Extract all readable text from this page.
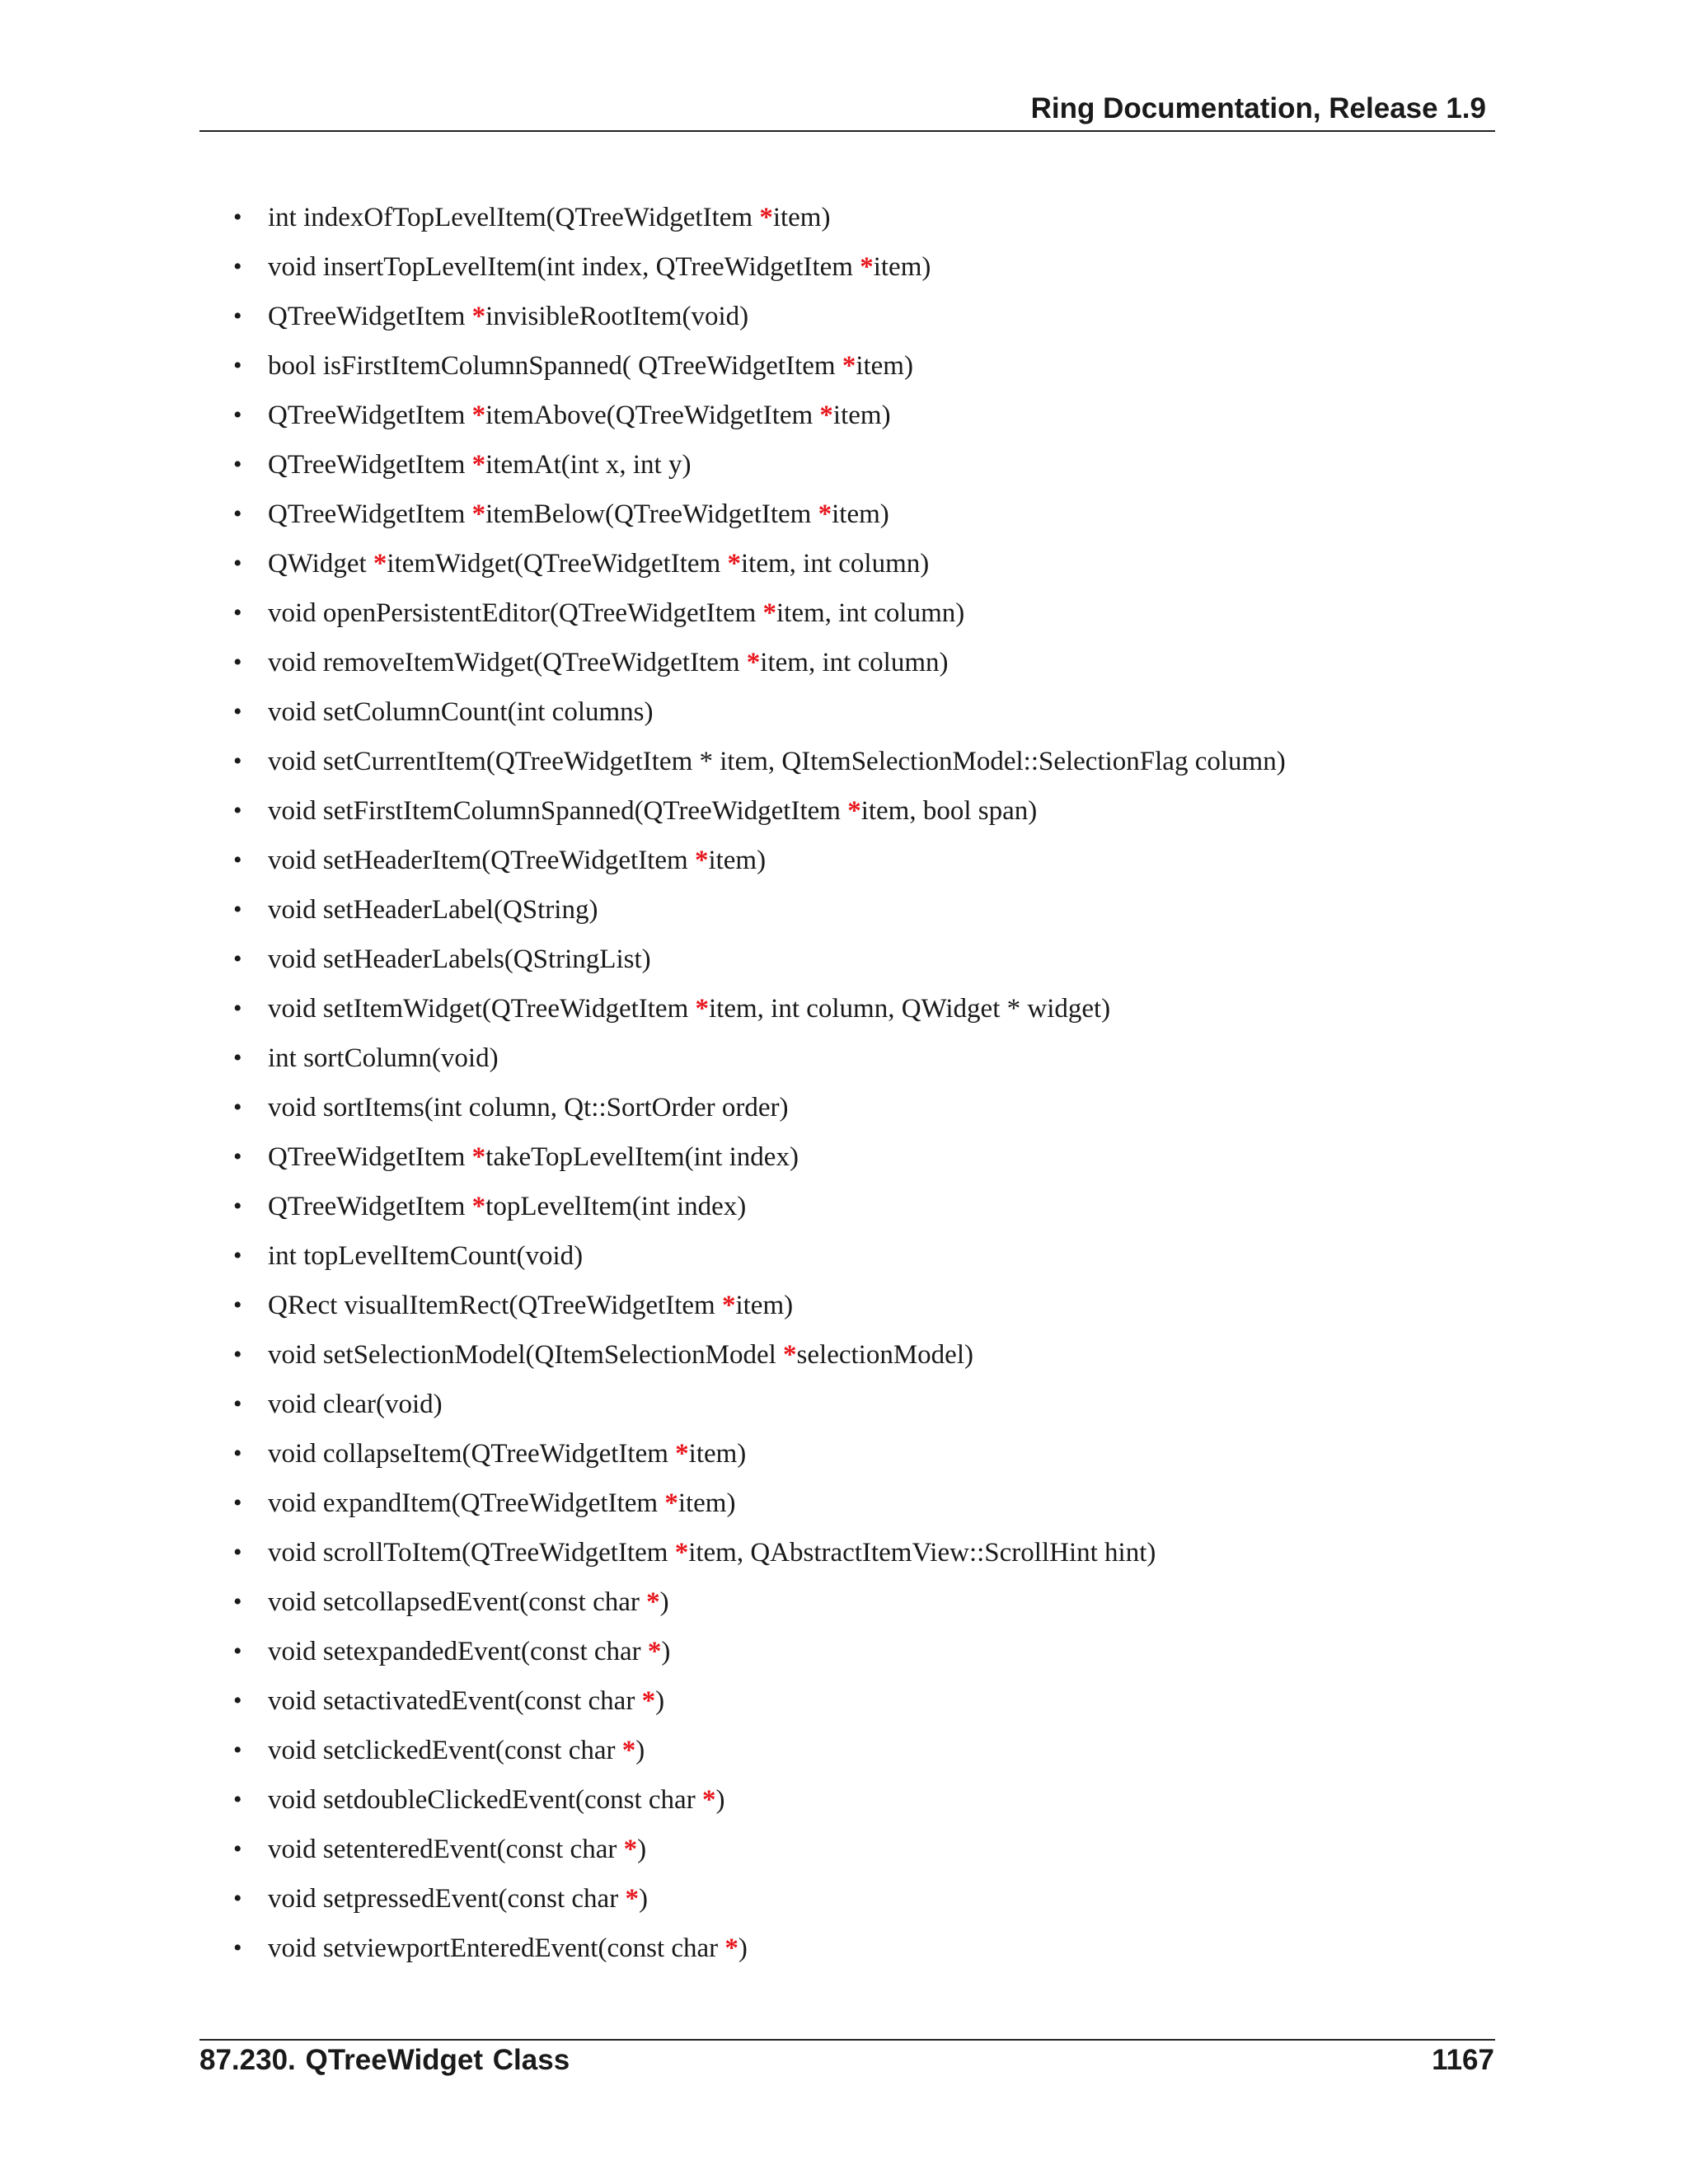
Ring Documentation, Release 1.9
• int indexOfTopLevelItem(QTreeWidgetItem *item)
• void insertTopLevelItem(int index, QTreeWidgetItem *item)
• QTreeWidgetItem *invisibleRootItem(void)
• bool isFirstItemColumnSpanned( QTreeWidgetItem *item)
• QTreeWidgetItem *itemAbove(QTreeWidgetItem *item)
• QTreeWidgetItem *itemAt(int x, int y)
• QTreeWidgetItem *itemBelow(QTreeWidgetItem *item)
• QWidget *itemWidget(QTreeWidgetItem *item, int column)
• void openPersistentEditor(QTreeWidgetItem *item, int column)
• void removeItemWidget(QTreeWidgetItem *item, int column)
• void setColumnCount(int columns)
• void setCurrentItem(QTreeWidgetItem * item, QItemSelectionModel::SelectionFlag column)
• void setFirstItemColumnSpanned(QTreeWidgetItem *item, bool span)
• void setHeaderItem(QTreeWidgetItem *item)
• void setHeaderLabel(QString)
• void setHeaderLabels(QStringList)
• void setItemWidget(QTreeWidgetItem *item, int column, QWidget * widget)
• int sortColumn(void)
• void sortItems(int column, Qt::SortOrder order)
• QTreeWidgetItem *takeTopLevelItem(int index)
• QTreeWidgetItem *topLevelItem(int index)
• int topLevelItemCount(void)
• QRect visualItemRect(QTreeWidgetItem *item)
• void setSelectionModel(QItemSelectionModel *selectionModel)
• void clear(void)
• void collapseItem(QTreeWidgetItem *item)
• void expandItem(QTreeWidgetItem *item)
• void scrollToItem(QTreeWidgetItem *item, QAbstractItemView::ScrollHint hint)
• void setcollapsedEvent(const char *)
• void setexpandedEvent(const char *)
• void setactivatedEvent(const char *)
• void setclickedEvent(const char *)
• void setdoubleClickedEvent(const char *)
• void setenteredEvent(const char *)
• void setpressedEvent(const char *)
• void setviewportEnteredEvent(const char *)
87.230. QTreeWidget Class	1167
